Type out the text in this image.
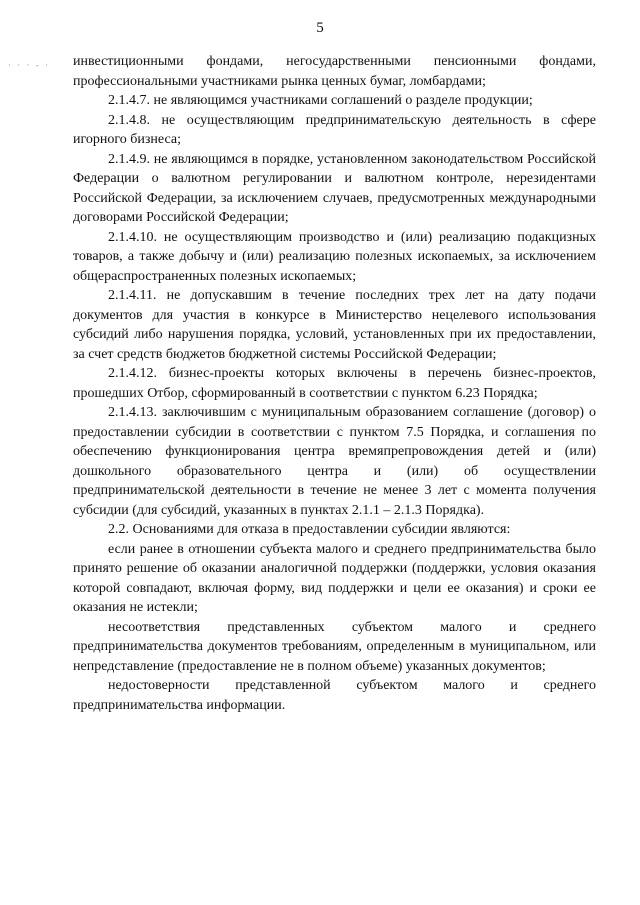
5
· · · ‐ · инвестиционными фондами, негосударственными пенсионными фондами, профессиональными участниками рынка ценных бумаг, ломбардами;

2.1.4.7. не являющимся участниками соглашений о разделе продукции;

2.1.4.8. не осуществляющим предпринимательскую деятельность в сфере игорного бизнеса;

2.1.4.9. не являющимся в порядке, установленном законодательством Российской Федерации о валютном регулировании и валютном контроле, нерезидентами Российской Федерации, за исключением случаев, предусмотренных международными договорами Российской Федерации;

2.1.4.10. не осуществляющим производство и (или) реализацию подакцизных товаров, а также добычу и (или) реализацию полезных ископаемых, за исключением общераспространенных полезных ископаемых;

2.1.4.11. не допускавшим в течение последних трех лет на дату подачи документов для участия в конкурсе в Министерство нецелевого использования субсидий либо нарушения порядка, условий, установленных при их предоставлении, за счет средств бюджетов бюджетной системы Российской Федерации;

2.1.4.12. бизнес-проекты которых включены в перечень бизнес-проектов, прошедших Отбор, сформированный в соответствии с пунктом 6.23 Порядка;

2.1.4.13. заключившим с муниципальным образованием соглашение (договор) о предоставлении субсидии в соответствии с пунктом 7.5 Порядка, и соглашения по обеспечению функционирования центра времяпрепровождения детей и (или) дошкольного образовательного центра и (или) об осуществлении предпринимательской деятельности в течение не менее 3 лет с момента получения субсидии (для субсидий, указанных в пунктах 2.1.1 – 2.1.3 Порядка).

2.2. Основаниями для отказа в предоставлении субсидии являются:

если ранее в отношении субъекта малого и среднего предпринимательства было принято решение об оказании аналогичной поддержки (поддержки, условия оказания которой совпадают, включая форму, вид поддержки и цели ее оказания) и сроки ее оказания не истекли;

несоответствия представленных субъектом малого и среднего предпринимательства документов требованиям, определенным в муниципальном, или непредставление (предоставление не в полном объеме) указанных документов;

недостоверности представленной субъектом малого и среднего предпринимательства информации.
